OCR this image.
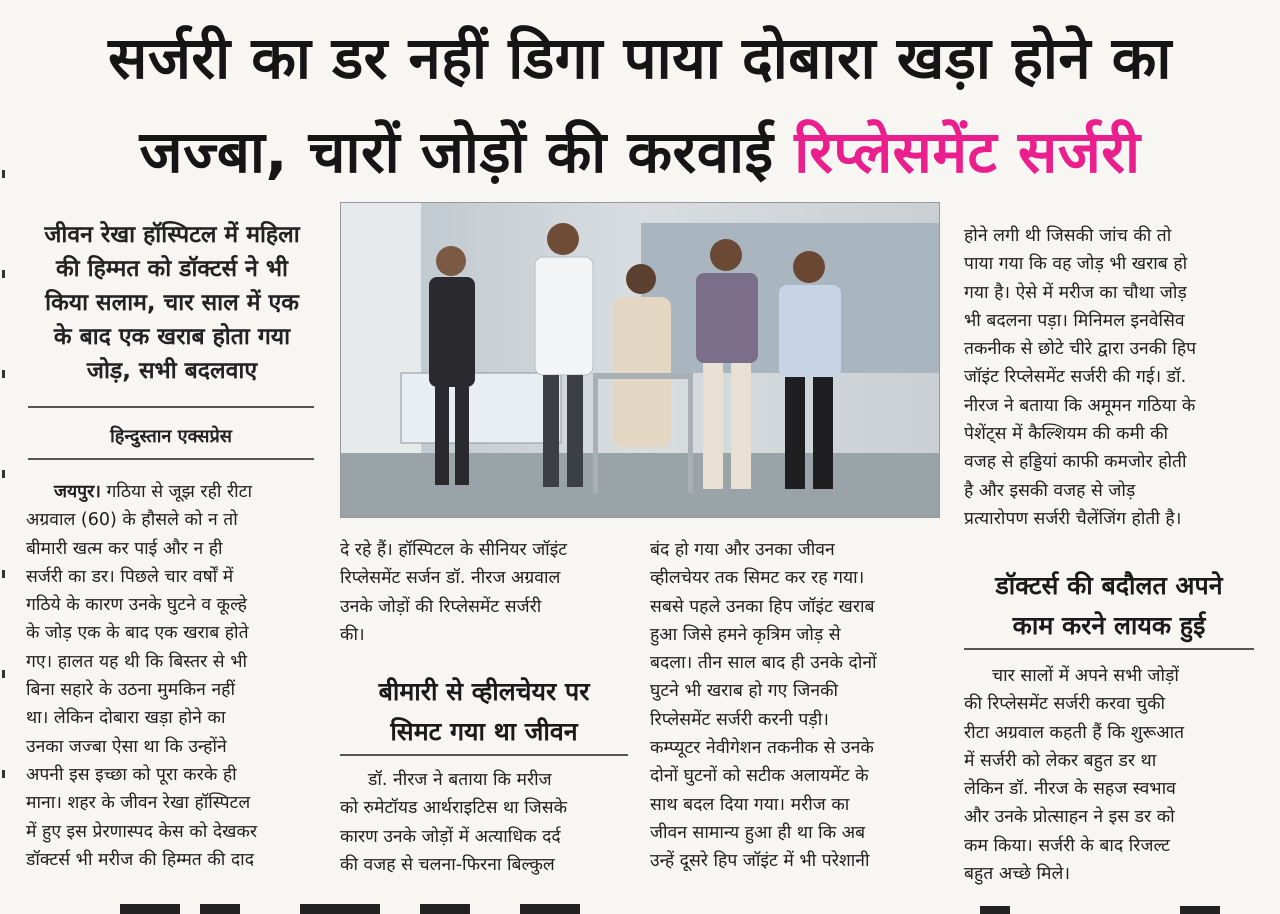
सर्जरी का डर नहीं डिगा पाया दोबारा खड़ा होने का
जज्बा, चारों जोड़ों की करवाई रिप्लेसमेंट सर्जरी
जीवन रेखा हॉस्पिटल में महिला
की हिम्मत को डॉक्टर्स ने भी
किया सलाम, चार साल में एक
के बाद एक खराब होता गया
जोड़, सभी बदलवाए
हिन्दुस्तान एक्सप्रेस

जयपुर। गठिया से जूझ रही रीटा

अग्रवाल (60) के हौसले को न तो

बीमारी खत्म कर पाई और न ही

सर्जरी का डर। पिछले चार वर्षों में

गठिये के कारण उनके घुटने व कूल्हे

के जोड़ एक के बाद एक खराब होते

गए। हालत यह थी कि बिस्तर से भी

बिना सहारे के उठना मुमकिन नहीं

था। लेकिन दोबारा खड़ा होने का

उनका जज्बा ऐसा था कि उन्होंने

अपनी इस इच्छा को पूरा करके ही

माना। शहर के जीवन रेखा हॉस्पिटल

में हुए इस प्रेरणास्पद केस को देखकर

डॉक्टर्स भी मरीज की हिम्मत की दाद

दे रहे हैं। हॉस्पिटल के सीनियर जॉइंट

रिप्लेसमेंट सर्जन डॉ. नीरज अग्रवाल

उनके जोड़ों की रिप्लेसमेंट सर्जरी

की।

बीमारी से व्हीलचेयर पर
सिमट गया था जीवन

डॉ. नीरज ने बताया कि मरीज

को रुमेटॉयड आर्थराइटिस था जिसके

कारण उनके जोड़ों में अत्याधिक दर्द

की वजह से चलना-फिरना बिल्कुल

बंद हो गया और उनका जीवन

व्हीलचेयर तक सिमट कर रह गया।

सबसे पहले उनका हिप जॉइंट खराब

हुआ जिसे हमने कृत्रिम जोड़ से

बदला। तीन साल बाद ही उनके दोनों

घुटने भी खराब हो गए जिनकी

रिप्लेसमेंट सर्जरी करनी पड़ी।

कम्प्यूटर नेवीगेशन तकनीक से उनके

दोनों घुटनों को सटीक अलायमेंट के

साथ बदल दिया गया। मरीज का

जीवन सामान्य हुआ ही था कि अब

उन्हें दूसरे हिप जॉइंट में भी परेशानी

होने लगी थी जिसकी जांच की तो

पाया गया कि वह जोड़ भी खराब हो

गया है। ऐसे में मरीज का चौथा जोड़

भी बदलना पड़ा। मिनिमल इनवेसिव

तकनीक से छोटे चीरे द्वारा उनकी हिप

जॉइंट रिप्लेसमेंट सर्जरी की गई। डॉ.

नीरज ने बताया कि अमूमन गठिया के

पेशेंट्स में कैल्शियम की कमी की

वजह से हड्डियां काफी कमजोर होती

है और इसकी वजह से जोड़

प्रत्यारोपण सर्जरी चैलेंजिंग होती है।

डॉक्टर्स की बदौलत अपने
काम करने लायक हुई

चार सालों में अपने सभी जोड़ों

की रिप्लेसमेंट सर्जरी करवा चुकी

रीटा अग्रवाल कहती हैं कि शुरूआत

में सर्जरी को लेकर बहुत डर था

लेकिन डॉ. नीरज के सहज स्वभाव

और उनके प्रोत्साहन ने इस डर को

कम किया। सर्जरी के बाद रिजल्ट

बहुत अच्छे मिले।
